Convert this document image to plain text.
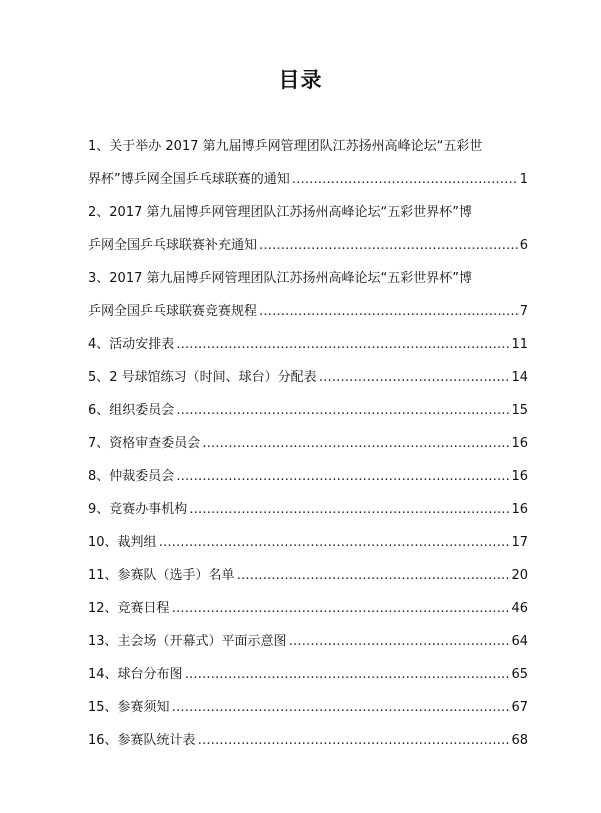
目录
1、关于举办 2017 第九届博乒网管理团队江苏扬州高峰论坛“五彩世
界杯”博乒网全国乒乓球联赛的通知 ……………………………………………………………………………………………………………………………………………………………………………………	1
2、2017 第九届博乒网管理团队江苏扬州高峰论坛“五彩世界杯”博
乒网全国乒乓球联赛补充通知 ……………………………………………………………………………………………………………………………………………………………………………………	6
3、2017 第九届博乒网管理团队江苏扬州高峰论坛“五彩世界杯”博
乒网全国乒乓球联赛竞赛规程 ……………………………………………………………………………………………………………………………………………………………………………………	7
4、活动安排表 ……………………………………………………………………………………………………………………………………………………………………………………	11
5、2 号球馆练习（时间、球台）分配表 ……………………………………………………………………………………………………………………………………………………………………………………	14
6、组织委员会 ……………………………………………………………………………………………………………………………………………………………………………………	15
7、资格审查委员会 ……………………………………………………………………………………………………………………………………………………………………………………	16
8、仲裁委员会 ……………………………………………………………………………………………………………………………………………………………………………………	16
9、竞赛办事机构 ……………………………………………………………………………………………………………………………………………………………………………………	16
10、裁判组 ……………………………………………………………………………………………………………………………………………………………………………………	17
11、参赛队（选手）名单 ……………………………………………………………………………………………………………………………………………………………………………………	20
12、竞赛日程 ……………………………………………………………………………………………………………………………………………………………………………………	46
13、主会场（开幕式）平面示意图 ……………………………………………………………………………………………………………………………………………………………………………………	64
14、球台分布图 ……………………………………………………………………………………………………………………………………………………………………………………	65
15、参赛须知 ……………………………………………………………………………………………………………………………………………………………………………………	67
16、参赛队统计表 ……………………………………………………………………………………………………………………………………………………………………………………	68
